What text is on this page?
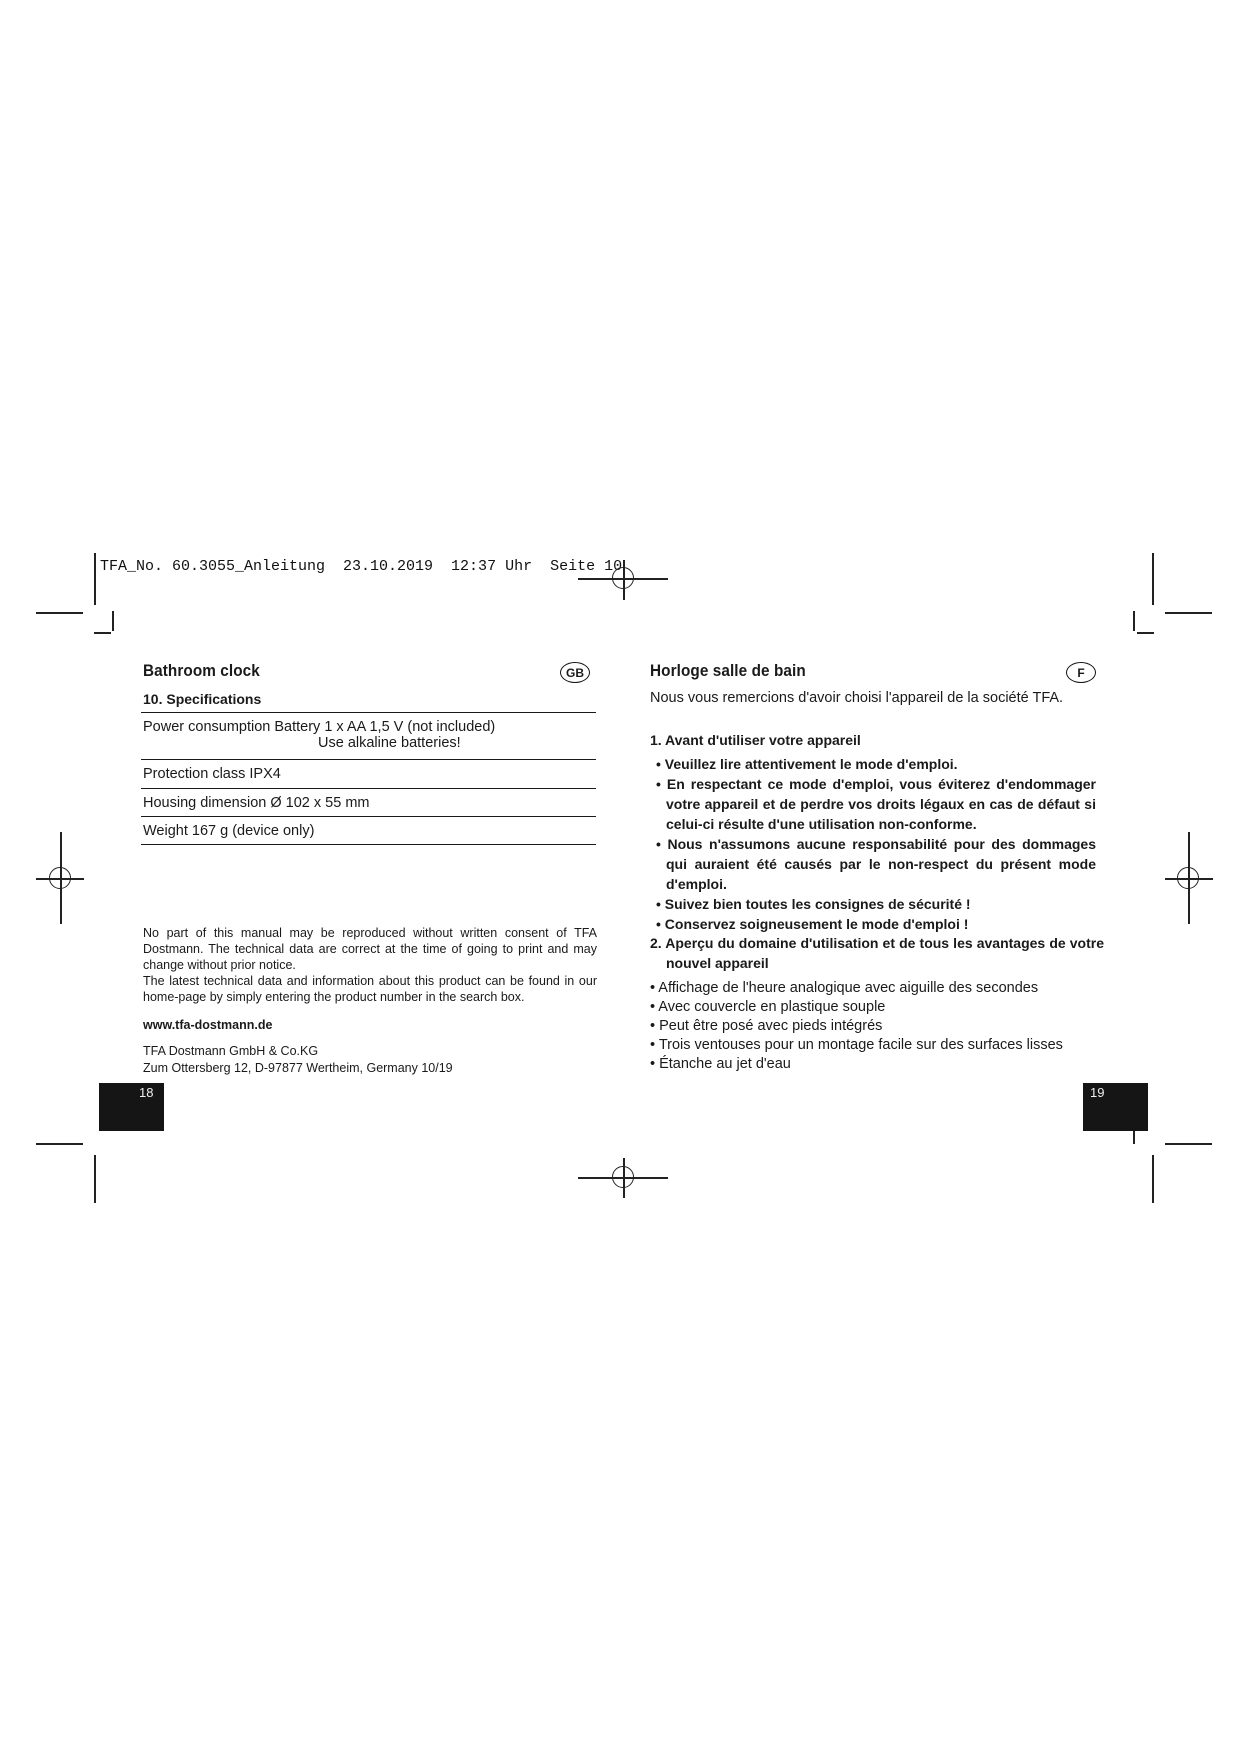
TFA_No. 60.3055_Anleitung  23.10.2019  12:37 Uhr  Seite 10
Bathroom clock	GB
10. Specifications
Power consumption Battery 1 x AA 1,5 V (not included)
Use alkaline batteries!
Protection class IPX4
Housing dimension Ø 102 x 55 mm
Weight 167 g (device only)
No part of this manual may be reproduced without written consent of TFA Dostmann. The technical data are correct at the time of going to print and may change without prior notice.
The latest technical data and information about this product can be found in our home-page by simply entering the product number in the search box.
www.tfa-dostmann.de
TFA Dostmann GmbH & Co.KG
Zum Ottersberg 12, D-97877 Wertheim, Germany 10/19
18
Horloge salle de bain	F
Nous vous remercions d'avoir choisi l'appareil de la société TFA.
1. Avant d'utiliser votre appareil
• Veuillez lire attentivement le mode d'emploi.
• En respectant ce mode d'emploi, vous éviterez d'endommager votre appareil et de perdre vos droits légaux en cas de défaut si celui-ci résulte d'une utilisation non-conforme.
• Nous n'assumons aucune responsabilité pour des dommages qui auraient été causés par le non-respect du présent mode d'emploi.
• Suivez bien toutes les consignes de sécurité !
• Conservez soigneusement le mode d'emploi !
2. Aperçu du domaine d'utilisation et de tous les avantages de votre nouvel appareil
• Affichage de l'heure analogique avec aiguille des secondes
• Avec couvercle en plastique souple
• Peut être posé avec pieds intégrés
• Trois ventouses pour un montage facile sur des surfaces lisses
• Étanche au jet d'eau
19
